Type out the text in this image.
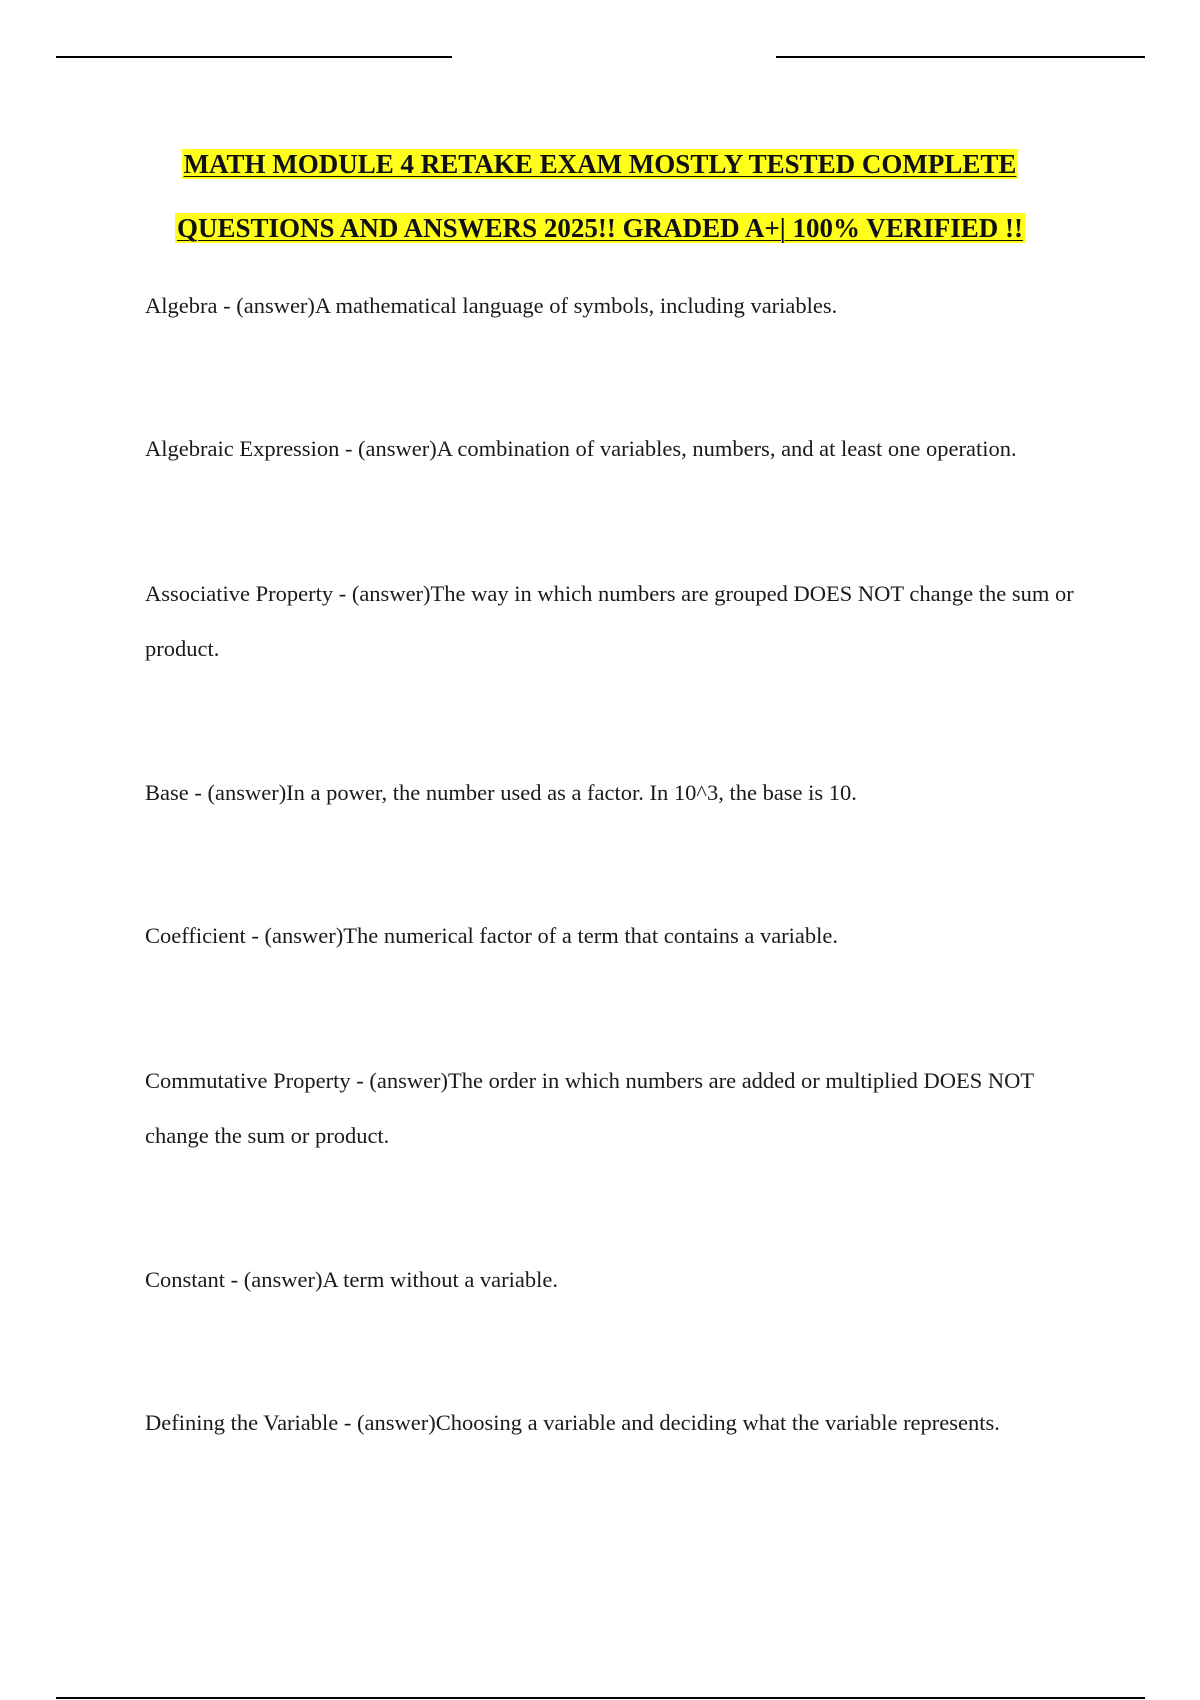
MATH MODULE 4 RETAKE EXAM MOSTLY TESTED COMPLETE
QUESTIONS AND ANSWERS 2025!! GRADED A+| 100% VERIFIED !!
Algebra - (answer)A mathematical language of symbols, including variables.
Algebraic Expression - (answer)A combination of variables, numbers, and at least one operation.
Associative Property - (answer)The way in which numbers are grouped DOES NOT change the sum or product.
Base - (answer)In a power, the number used as a factor. In 10^3, the base is 10.
Coefficient - (answer)The numerical factor of a term that contains a variable.
Commutative Property - (answer)The order in which numbers are added or multiplied DOES NOT change the sum or product.
Constant - (answer)A term without a variable.
Defining the Variable - (answer)Choosing a variable and deciding what the variable represents.
